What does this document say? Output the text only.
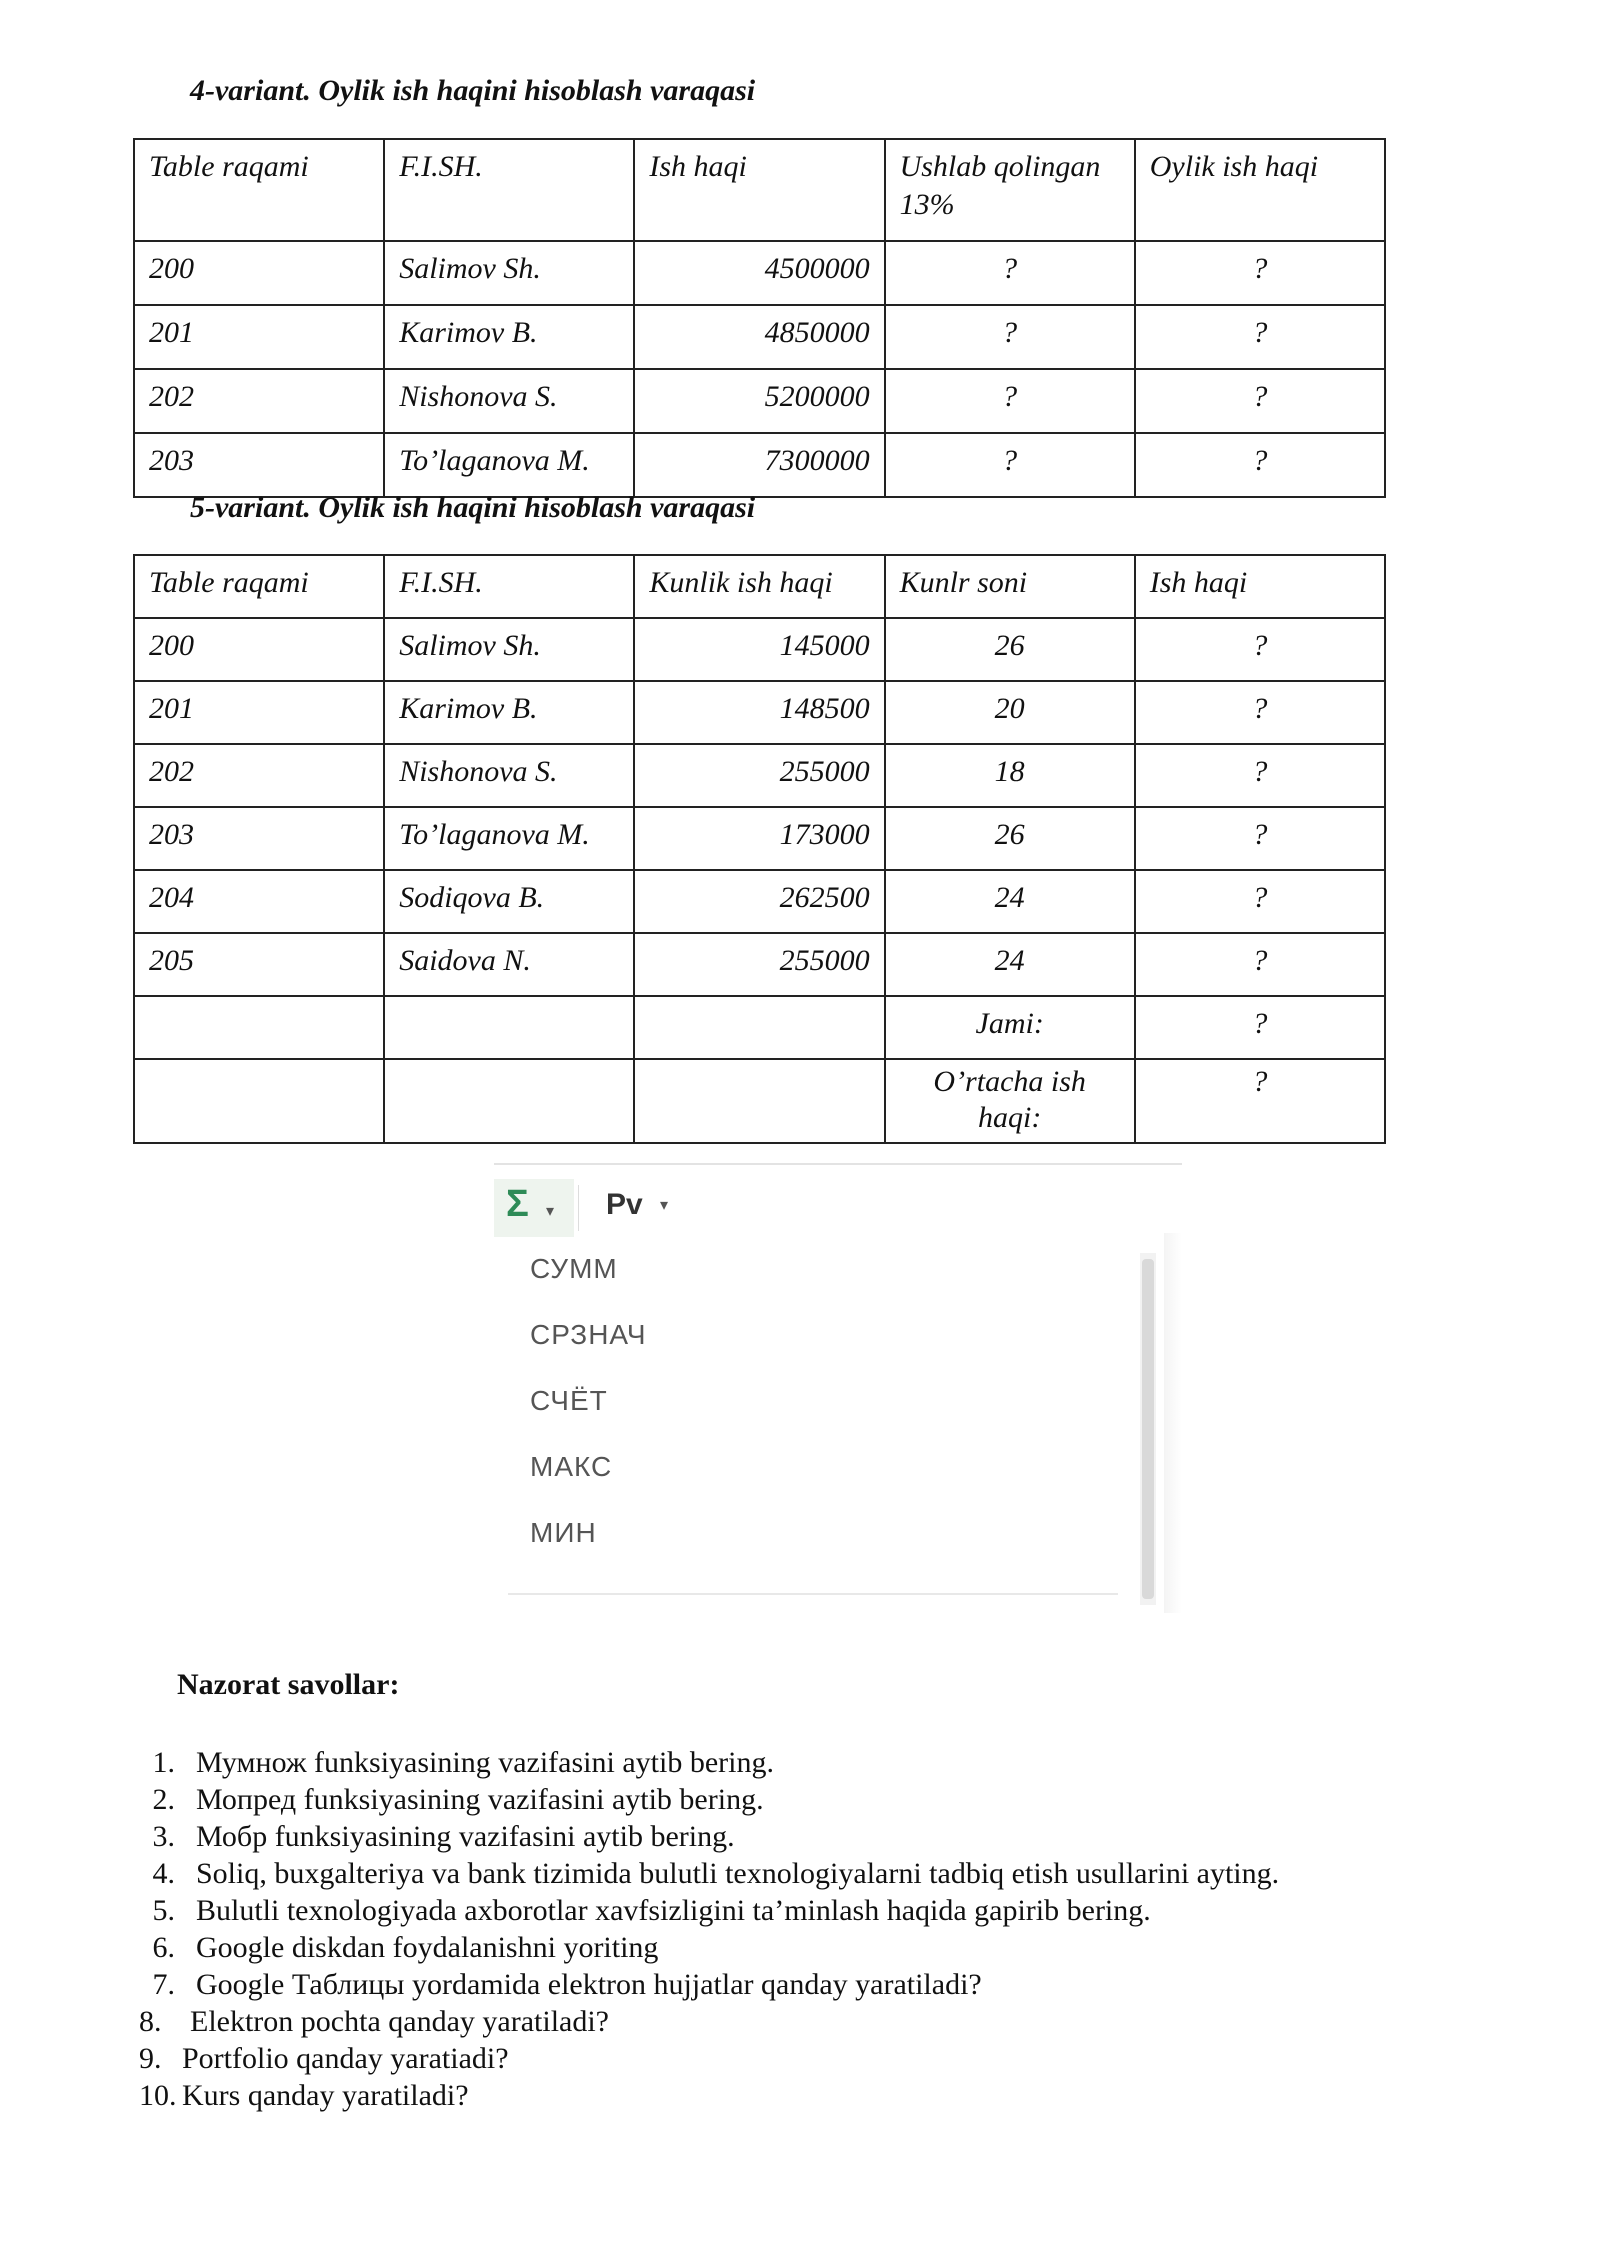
4-variant. Oylik ish haqini hisoblash varaqasi
Table raqami	F.I.SH.	Ish haqi	Ushlab qolingan 13%	Oylik ish haqi
200	Salimov Sh.	4500000	?	?
201	Karimov B.	4850000	?	?
202	Nishonova S.	5200000	?	?
203	To’laganova M.	7300000	?	?
5-variant. Oylik ish haqini hisoblash varaqasi
Table raqami	F.I.SH.	Kunlik ish haqi	Kunlr soni	Ish haqi
200	Salimov Sh.	145000	26	?
201	Karimov B.	148500	20	?
202	Nishonova S.	255000	18	?
203	To’laganova M.	173000	26	?
204	Sodiqova B.	262500	24	?
205	Saidova N.	255000	24	?
			Jami:	?
			O’rtacha ish haqi:	?
Σ ▾ Pv ▾
СУММ
СРЗНАЧ
СЧЁТ
МАКС
МИН
Nazorat savollar:
1. Мумнож funksiyasining vazifasini aytib bering.
2. Мопред funksiyasining vazifasini aytib bering.
3. Мобр funksiyasining vazifasini aytib bering.
4. Soliq, buxgalteriya va bank tizimida bulutli texnologiyalarni tadbiq etish usullarini ayting.
5. Bulutli texnologiyada axborotlar xavfsizligini ta’minlash haqida gapirib bering.
6. Google diskdan foydalanishni yoriting
7. Google Таблицы yordamida elektron hujjatlar qanday yaratiladi?
8. Elektron pochta qanday yaratiladi?
9. Portfolio qanday yaratiadi?
10. Kurs qanday yaratiladi?
